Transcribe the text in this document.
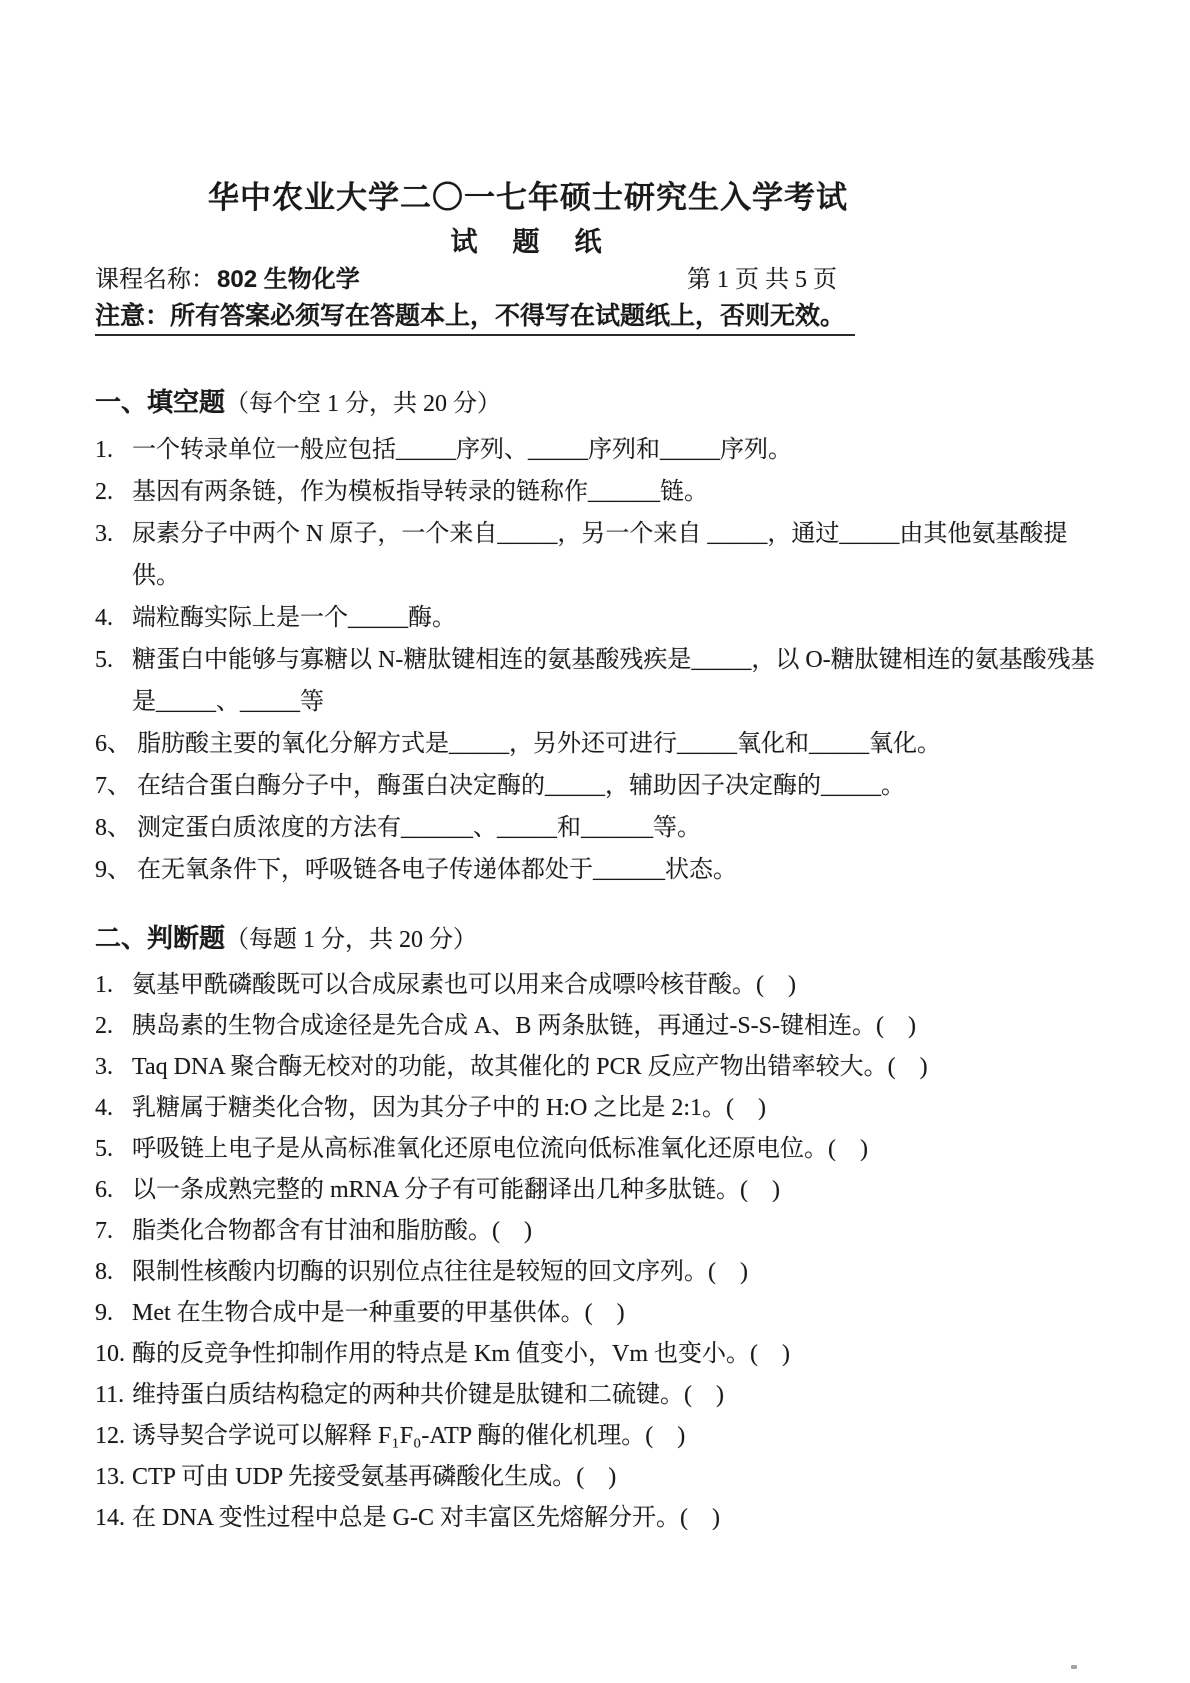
华中农业大学二〇一七年硕士研究生入学考试
试　题　纸
课程名称：802 生物化学	第 1 页 共 5 页
注意：所有答案必须写在答题本上，不得写在试题纸上，否则无效。
一、填空题（每个空 1 分，共 20 分）
1. 一个转录单位一般应包括_____序列、_____序列和_____序列。
2. 基因有两条链，作为模板指导转录的链称作______链。
3. 尿素分子中两个 N 原子，一个来自_____，另一个来自 _____，通过_____由其他氨基酸提供。
4. 端粒酶实际上是一个_____酶。
5. 糖蛋白中能够与寡糖以 N-糖肽键相连的氨基酸残疾是_____，以 O-糖肽键相连的氨基酸残基是_____、_____等
6、 脂肪酸主要的氧化分解方式是_____，另外还可进行_____氧化和_____氧化。
7、 在结合蛋白酶分子中，酶蛋白决定酶的_____，辅助因子决定酶的_____。
8、 测定蛋白质浓度的方法有______、_____和______等。
9、 在无氧条件下，呼吸链各电子传递体都处于______状态。
二、判断题（每题 1 分，共 20 分）
1. 氨基甲酰磷酸既可以合成尿素也可以用来合成嘌呤核苷酸。( )
2. 胰岛素的生物合成途径是先合成 A、B 两条肽链，再通过-S-S-键相连。( )
3. Taq DNA 聚合酶无校对的功能，故其催化的 PCR 反应产物出错率较大。( )
4. 乳糖属于糖类化合物，因为其分子中的 H:O 之比是 2:1。( )
5. 呼吸链上电子是从高标准氧化还原电位流向低标准氧化还原电位。( )
6. 以一条成熟完整的 mRNA 分子有可能翻译出几种多肽链。( )
7. 脂类化合物都含有甘油和脂肪酸。( )
8. 限制性核酸内切酶的识别位点往往是较短的回文序列。( )
9. Met 在生物合成中是一种重要的甲基供体。( )
10. 酶的反竞争性抑制作用的特点是 Km 值变小，Vm 也变小。( )
11. 维持蛋白质结构稳定的两种共价键是肽键和二硫键。( )
12. 诱导契合学说可以解释 F₁F₀-ATP 酶的催化机理。( )
13. CTP 可由 UDP 先接受氨基再磷酸化生成。( )
14. 在 DNA 变性过程中总是 G-C 对丰富区先熔解分开。( )
